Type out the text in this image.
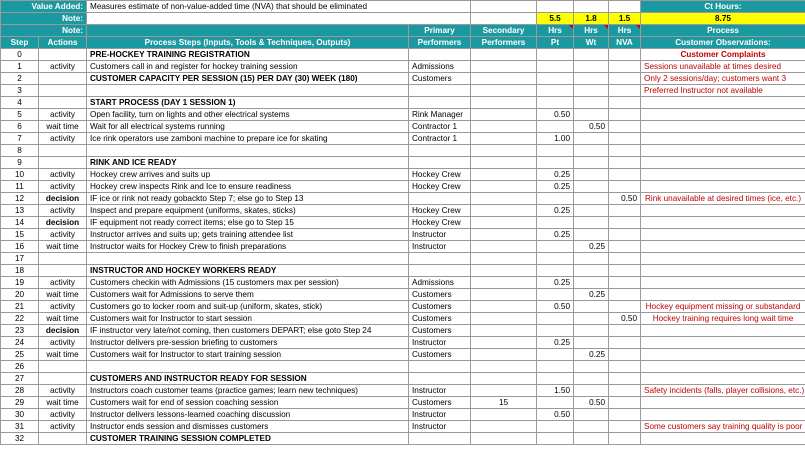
Value Added:		Measures estimate of non-value-added time (NVA) that should be eliminated						Ct Hours:
Note:					5.5	1.8	1.5	8.75
Note:			Primary	Secondary	Hrs	Hrs	Hrs	Process
Step	Actions	Process Steps (Inputs, Tools & Techniques, Outputs)	Performers	Performers	Pt	Wt	NVA	Customer Observations:
0		PRE-HOCKEY TRAINING REGISTRATION						Customer Complaints
1	activity	Customers call in and register for hockey training session	Admissions					Sessions unavailable at times desired
2		CUSTOMER CAPACITY PER SESSION (15) PER DAY (30) WEEK (180)	Customers					Only 2 sessions/day; customers want 3
3								Preferred Instructor not available
4		START PROCESS (DAY 1 SESSION 1)						
5	activity	Open facility, turn on lights and other electrical systems	Rink Manager		0.50			
6	wait time	Wait for all electrical systems running	Contractor 1			0.50		
7	activity	Ice rink operators use zamboni machine to prepare ice for skating	Contractor 1		1.00			
8								
9		RINK AND ICE READY						
10	activity	Hockey crew arrives and suits up	Hockey Crew		0.25			
11	activity	Hockey crew inspects Rink and Ice to ensure readiness	Hockey Crew		0.25			
12	decision	IF ice or rink not ready gobackto Step 7; else go to Step 13					0.50	Rink unavailable at desired times (ice, etc.)
13	activity	Inspect and prepare equipment (uniforms, skates, sticks)	Hockey Crew		0.25			
14	decision	IF equipment not ready correct items; else go to Step 15	Hockey Crew					
15	activity	Instructor arrives and suits up; gets training attendee list	Instructor		0.25			
16	wait time	Instructor waits for Hockey Crew to finish preparations	Instructor			0.25		
17								
18		INSTRUCTOR AND HOCKEY WORKERS READY						
19	activity	Customers checkin with Admissions (15 customers max per session)	Admissions		0.25			
20	wait time	Customers wait for Admissions to serve them	Customers			0.25		
21	activity	Customers go to locker room and suit-up (uniform, skates, stick)	Customers		0.50			Hockey equipment missing or substandard
22	wait time	Customers wait for Instructor to start session	Customers				0.50	Hockey training requires long wait time
23	decision	IF instructor very late/not coming, then customers DEPART; else goto Step 24	Customers					
24	activity	Instructor delivers pre-session briefing to customers	Instructor		0.25			
25	wait time	Customers wait for Instructor to start training session	Customers			0.25		
26								
27		CUSTOMERS AND INSTRUCTOR READY FOR SESSION						
28	activity	Instructors coach customer teams (practice games; learn new techniques)	Instructor		1.50			Safety incidents (falls, player collisions, etc.)
29	wait time	Customers wait for end of session coaching session	Customers	15		0.50		
30	activity	Instructor delivers lessons-learned coaching discussion	Instructor		0.50			
31	activity	Instructor ends session and dismisses customers	Instructor					Some customers say training quality is poor
32		CUSTOMER TRAINING SESSION COMPLETED						
